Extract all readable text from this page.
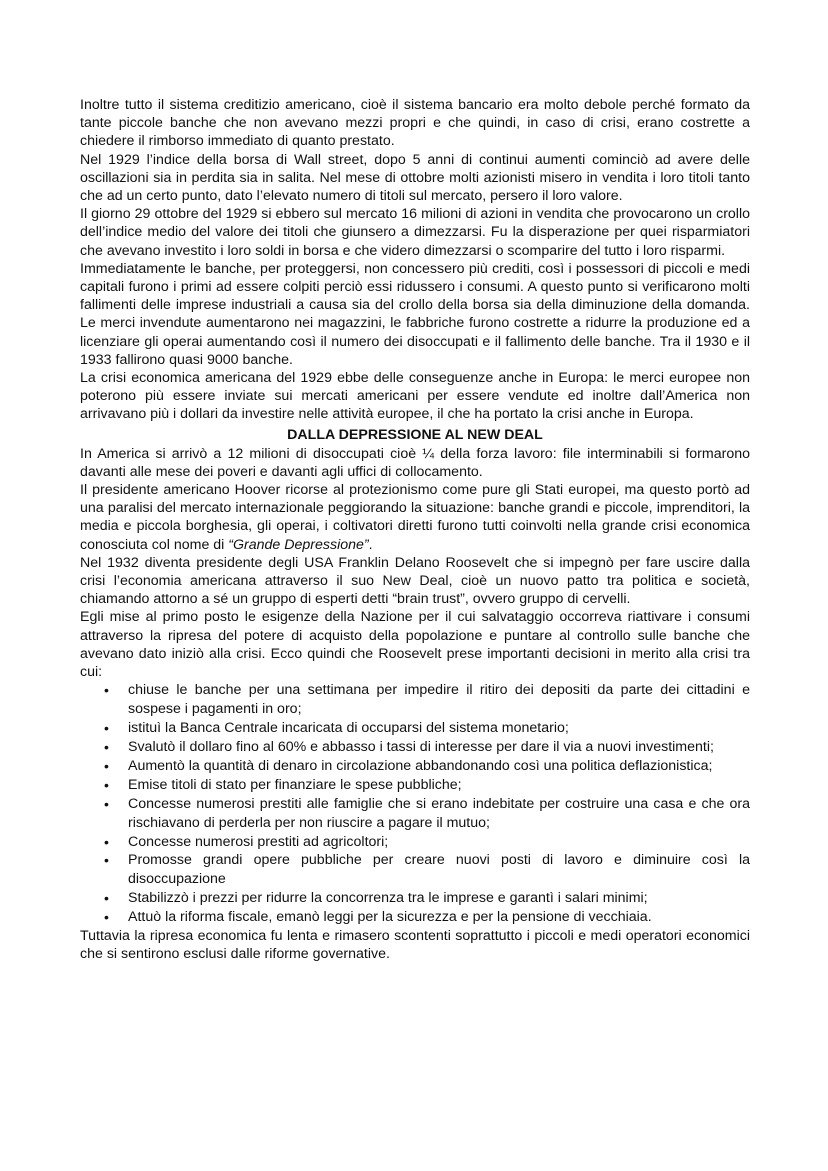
Inoltre tutto il sistema creditizio americano, cioè il sistema bancario era molto debole perché formato da tante piccole banche che non avevano mezzi propri e che quindi, in caso di crisi, erano costrette a chiedere il rimborso immediato di quanto prestato.

Nel 1929 l’indice della borsa di Wall street, dopo 5 anni di continui aumenti cominciò ad avere delle oscillazioni sia in perdita sia in salita. Nel mese di ottobre molti azionisti misero in vendita i loro titoli tanto che ad un certo punto, dato l’elevato numero di titoli sul mercato, persero il loro valore.

Il giorno 29 ottobre del 1929 si ebbero sul mercato 16 milioni di azioni in vendita che provocarono un crollo dell’indice medio del valore dei titoli che giunsero a dimezzarsi. Fu la disperazione per quei risparmiatori che avevano investito i loro soldi in borsa e che videro dimezzarsi o scomparire del tutto i loro risparmi.

Immediatamente le banche, per proteggersi, non concessero più crediti, così i possessori di piccoli e medi capitali furono i primi ad essere colpiti perciò essi ridussero i consumi. A questo punto si verificarono molti fallimenti delle imprese industriali a causa sia del crollo della borsa sia della diminuzione della domanda. Le merci invendute aumentarono nei magazzini, le fabbriche furono costrette a ridurre la produzione ed a licenziare gli operai aumentando così il numero dei disoccupati e il fallimento delle banche. Tra il 1930 e il 1933 fallirono quasi 9000 banche.

La crisi economica americana del 1929 ebbe delle conseguenze anche in Europa: le merci europee non poterono più essere inviate sui mercati americani per essere vendute ed inoltre dall’America non arrivavano più i dollari da investire nelle attività europee, il che ha portato la crisi anche in Europa.

DALLA DEPRESSIONE AL NEW DEAL

In America si arrivò a 12 milioni di disoccupati cioè ¼ della forza lavoro: file interminabili si formarono davanti alle mese dei poveri e davanti agli uffici di collocamento.

Il presidente americano Hoover ricorse al protezionismo come pure gli Stati europei, ma questo portò ad una paralisi del mercato internazionale peggiorando la situazione: banche grandi e piccole, imprenditori, la media e piccola borghesia, gli operai, i coltivatori diretti furono tutti coinvolti nella grande crisi economica conosciuta col nome di “Grande Depressione”.

Nel 1932 diventa presidente degli USA Franklin Delano Roosevelt che si impegnò per fare uscire dalla crisi l’economia americana attraverso il suo New Deal, cioè un nuovo patto tra politica e società, chiamando attorno a sé un gruppo di esperti detti “brain trust”, ovvero gruppo di cervelli.

Egli mise al primo posto le esigenze della Nazione per il cui salvataggio occorreva riattivare i consumi attraverso la ripresa del potere di acquisto della popolazione e puntare al controllo sulle banche che avevano dato iniziò alla crisi. Ecco quindi che Roosevelt prese importanti decisioni in merito alla crisi tra cui:

• chiuse le banche per una settimana per impedire il ritiro dei depositi da parte dei cittadini e sospese i pagamenti in oro;
• istituì la Banca Centrale incaricata di occuparsi del sistema monetario;
• Svalutò il dollaro fino al 60% e abbasso i tassi di interesse per dare il via a nuovi investimenti;
• Aumentò la quantità di denaro in circolazione abbandonando così una politica deflazionistica;
• Emise titoli di stato per finanziare le spese pubbliche;
• Concesse numerosi prestiti alle famiglie che si erano indebitate per costruire una casa e che ora rischiavano di perderla per non riuscire a pagare il mutuo;
• Concesse numerosi prestiti ad agricoltori;
• Promosse grandi opere pubbliche per creare nuovi posti di lavoro e diminuire così la disoccupazione
• Stabilizzò i prezzi per ridurre la concorrenza tra le imprese e garantì i salari minimi;
• Attuò la riforma fiscale, emanò leggi per la sicurezza e per la pensione di vecchiaia.

Tuttavia la ripresa economica fu lenta e rimasero scontenti soprattutto i piccoli e medi operatori economici che si sentirono esclusi dalle riforme governative.
